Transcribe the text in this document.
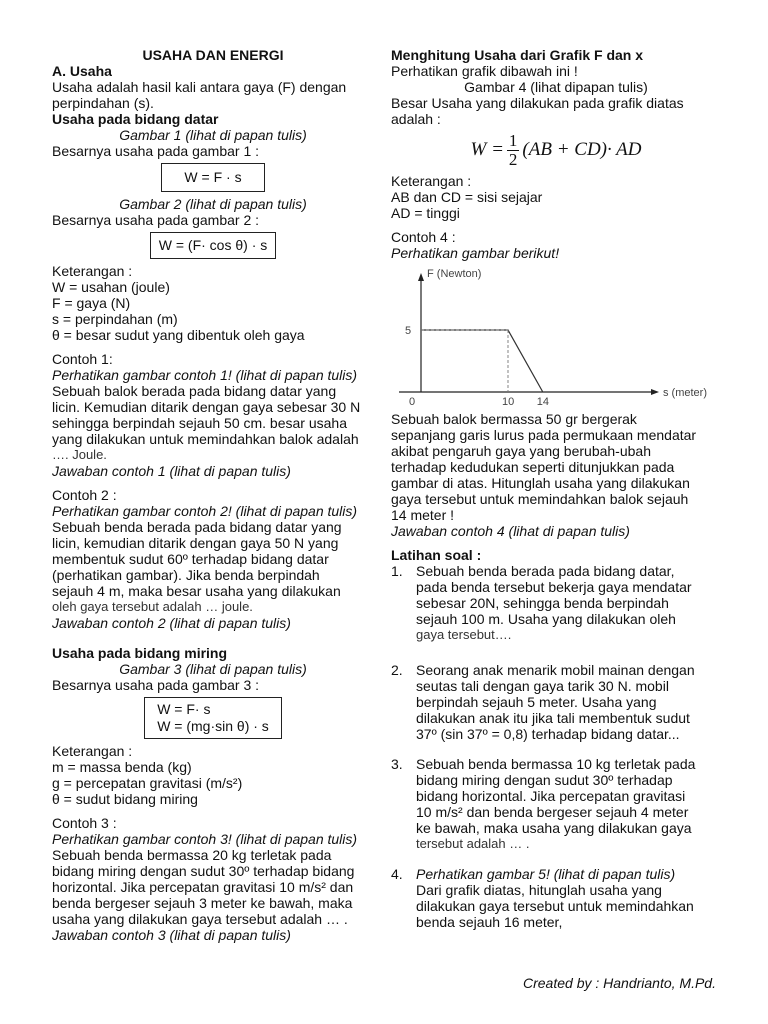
USAHA DAN ENERGI
A. Usaha
Usaha adalah hasil kali antara gaya (F) dengan
perpindahan (s).
Usaha pada bidang datar
Gambar 1 (lihat di papan tulis)
Besarnya usaha pada gambar 1 :
W = F · s
Gambar 2 (lihat di papan tulis)
Besarnya usaha pada gambar 2 :
W = (F· cos θ) · s
Keterangan :
W = usahan (joule)
F = gaya (N)
s = perpindahan (m)
θ = besar sudut yang dibentuk oleh gaya
Contoh 1:
Perhatikan gambar contoh 1! (lihat di papan tulis)
Sebuah balok berada pada bidang datar yang
licin. Kemudian ditarik dengan gaya sebesar 30 N
sehingga berpindah sejauh 50 cm. besar usaha
yang dilakukan untuk memindahkan balok adalah
…. Joule.
Jawaban contoh 1 (lihat di papan tulis)
Contoh 2 :
Perhatikan gambar contoh 2! (lihat di papan tulis)
Sebuah benda berada pada bidang datar yang
licin, kemudian ditarik dengan gaya 50 N yang
membentuk sudut 60º terhadap bidang datar
(perhatikan gambar). Jika benda berpindah
sejauh 4 m, maka besar usaha yang dilakukan
oleh gaya tersebut adalah … joule.
Jawaban contoh 2 (lihat di papan tulis)
Usaha pada bidang miring
Gambar 3 (lihat di papan tulis)
Besarnya usaha pada gambar 3 :
W = F· s
W = (mg·sin θ) · s
Keterangan :
m = massa benda (kg)
g = percepatan gravitasi (m/s²)
θ = sudut bidang miring
Contoh 3 :
Perhatikan gambar contoh 3! (lihat di papan tulis)
Sebuah benda bermassa 20 kg terletak pada
bidang miring dengan sudut 30º terhadap bidang
horizontal. Jika percepatan gravitasi 10 m/s² dan
benda bergeser sejauh 3 meter ke bawah, maka
usaha yang dilakukan gaya tersebut adalah … .
Jawaban contoh 3 (lihat di papan tulis)
Menghitung Usaha dari Grafik F dan x
Perhatikan grafik dibawah ini !
Gambar 4 (lihat dipapan tulis)
Besar Usaha yang dilakukan pada grafik diatas
adalah :
$W = \frac{1}{2} (AB + CD)\cdot$ AD
Keterangan :
AB dan CD = sisi sejajar
AD = tinggi
Contoh 4 :
Perhatikan gambar berikut!
F (Newton)
s (meter)
5
0	10 14
Sebuah balok bermassa 50 gr bergerak
sepanjang garis lurus pada permukaan mendatar
akibat pengaruh gaya yang berubah-ubah
terhadap kedudukan seperti ditunjukkan pada
gambar di atas. Hitunglah usaha yang dilakukan
gaya tersebut untuk memindahkan balok sejauh
14 meter !
Jawaban contoh 4 (lihat di papan tulis)
Latihan soal :
1. Sebuah benda berada pada bidang datar,
pada benda tersebut bekerja gaya mendatar
sebesar 20N, sehingga benda berpindah
sejauh 100 m. Usaha yang dilakukan oleh
gaya tersebut….
2. Seorang anak menarik mobil mainan dengan
seutas tali dengan gaya tarik 30 N. mobil
berpindah sejauh 5 meter. Usaha yang
dilakukan anak itu jika tali membentuk sudut
37º (sin 37º = 0,8) terhadap bidang datar...
3. Sebuah benda bermassa 10 kg terletak pada
bidang miring dengan sudut 30º terhadap
bidang horizontal. Jika percepatan gravitasi
10 m/s² dan benda bergeser sejauh 4 meter
ke bawah, maka usaha yang dilakukan gaya
tersebut adalah … .
4. Perhatikan gambar 5! (lihat di papan tulis)
Dari grafik diatas, hitunglah usaha yang
dilakukan gaya tersebut untuk memindahkan
benda sejauh 16 meter,
Created by : Handrianto, M.Pd.
